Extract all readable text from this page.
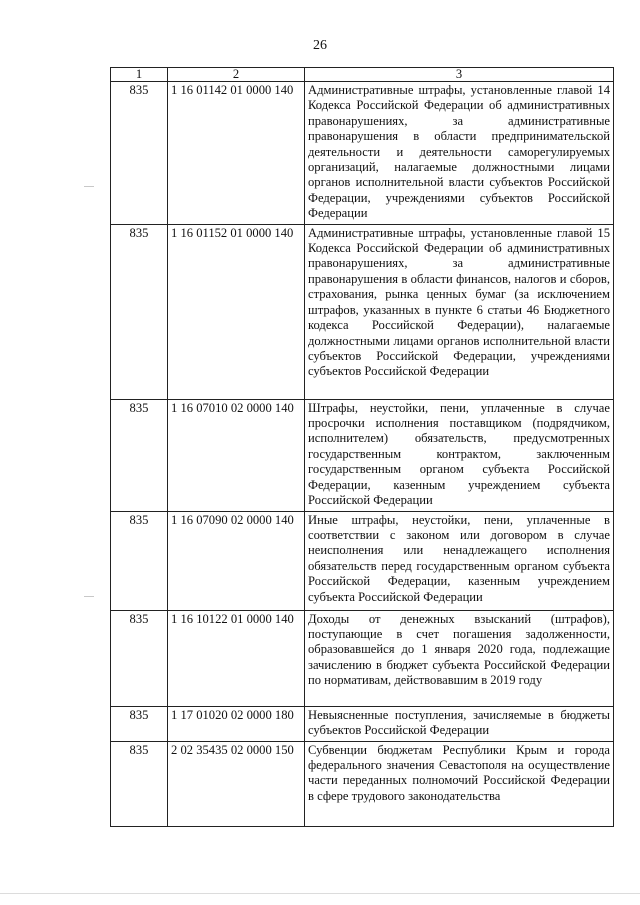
26
1	2	3
835	1 16 01142 01 0000 140	Административные штрафы, установленные главой 14 Кодекса Российской Федерации об административных правонарушениях, за административные правонарушения в области предпринимательской деятельности и деятельности саморегулируемых организаций, налагаемые должностными лицами органов исполнительной власти субъектов Российской Федерации, учреждениями субъектов Российской Федерации
835	1 16 01152 01 0000 140	Административные штрафы, установленные главой 15 Кодекса Российской Федерации об административных правонарушениях, за административные правонарушения в области финансов, налогов и сборов, страхования, рынка ценных бумаг (за исключением штрафов, указанных в пункте 6 статьи 46 Бюджетного кодекса Российской Федерации), налагаемые должностными лицами органов исполнительной власти субъектов Российской Федерации, учреждениями субъектов Российской Федерации
835	1 16 07010 02 0000 140	Штрафы, неустойки, пени, уплаченные в случае просрочки исполнения поставщиком (подрядчиком, исполнителем) обязательств, предусмотренных государственным контрактом, заключенным государственным органом субъекта Российской Федерации, казенным учреждением субъекта Российской Федерации
835	1 16 07090 02 0000 140	Иные штрафы, неустойки, пени, уплаченные в соответствии с законом или договором в случае неисполнения или ненадлежащего исполнения обязательств перед государственным органом субъекта Российской Федерации, казенным учреждением субъекта Российской Федерации
835	1 16 10122 01 0000 140	Доходы от денежных взысканий (штрафов), поступающие в счет погашения задолженности, образовавшейся до 1 января 2020 года, подлежащие зачислению в бюджет субъекта Российской Федерации по нормативам, действовавшим в 2019 году
835	1 17 01020 02 0000 180	Невыясненные поступления, зачисляемые в бюджеты субъектов Российской Федерации
835	2 02 35435 02 0000 150	Субвенции бюджетам Республики Крым и города федерального значения Севастополя на осуществление части переданных полномочий Российской Федерации в сфере трудового законодательства
